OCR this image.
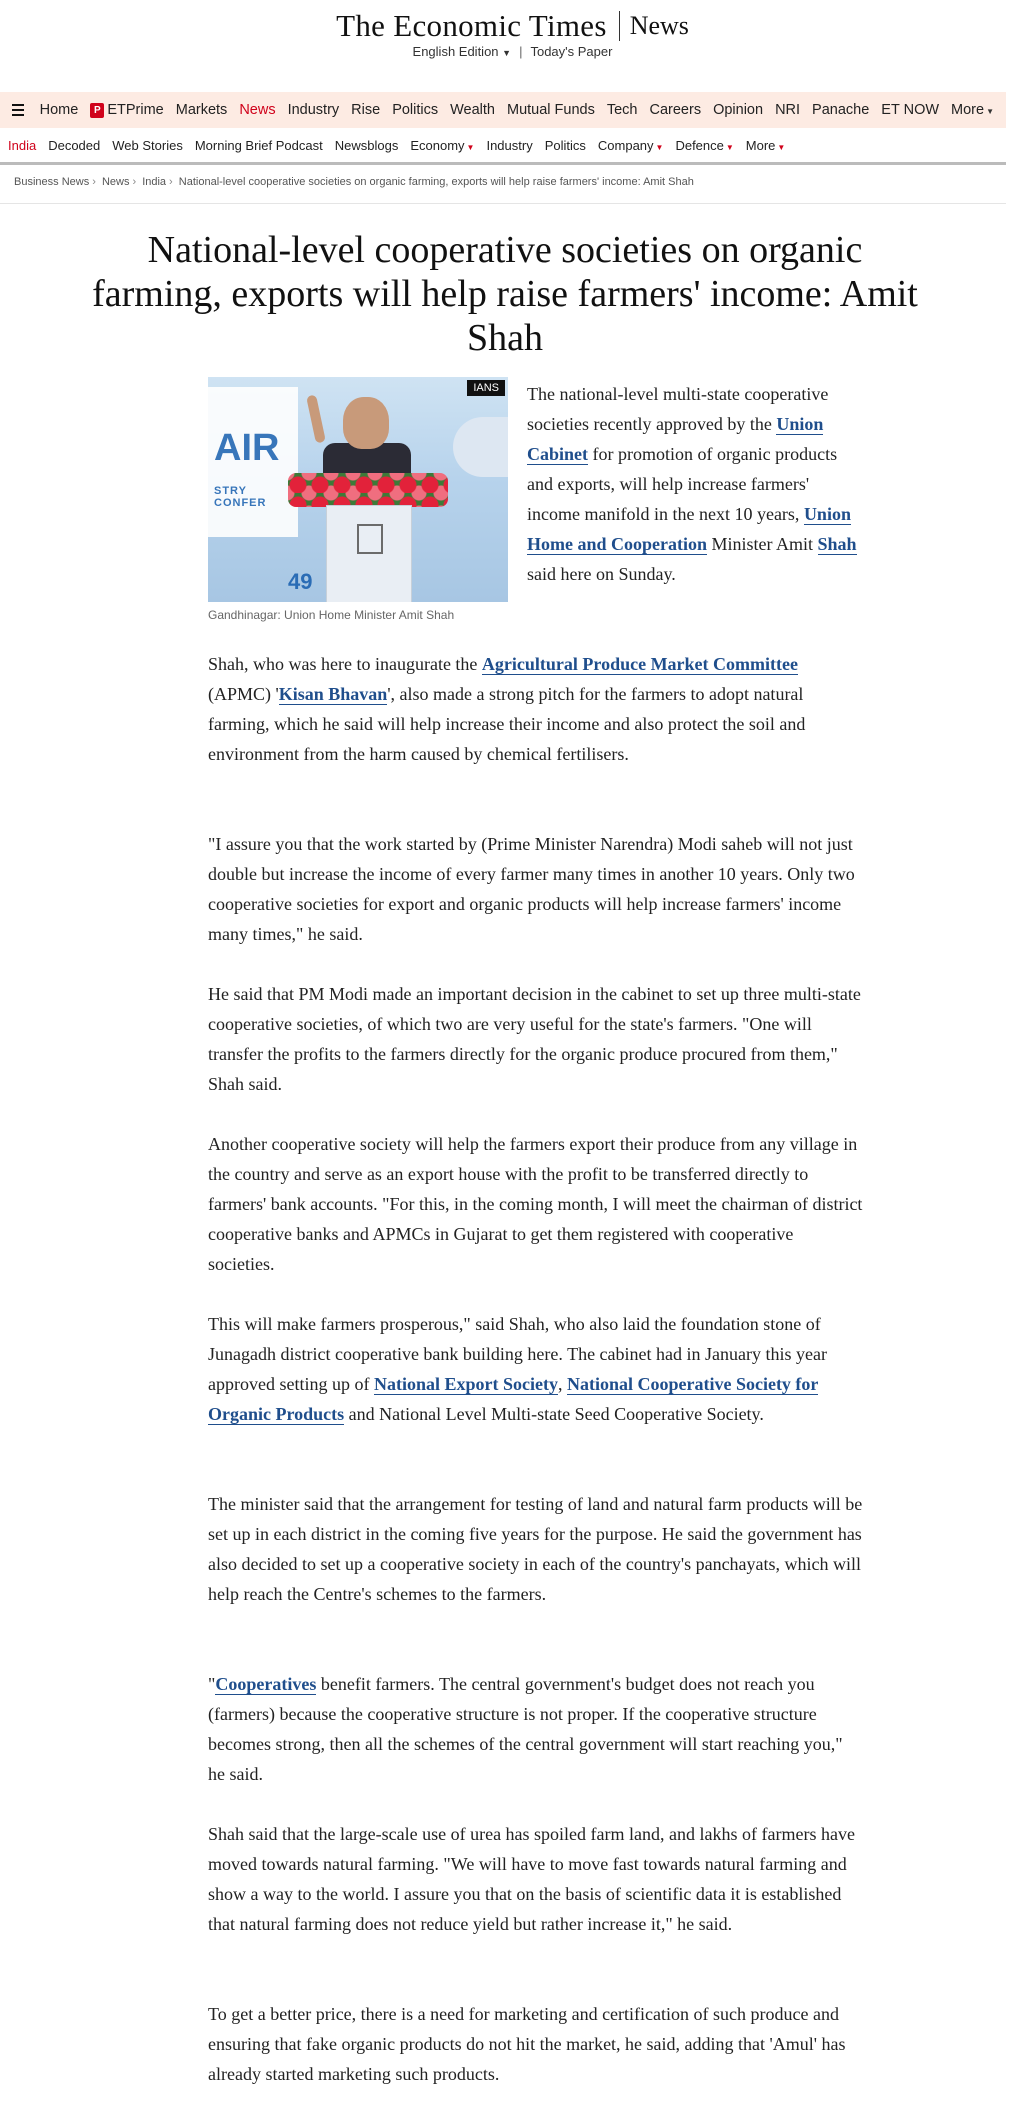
The Economic Times News
English Edition ▼ | Today's Paper
Home	P ETPrime Markets News Industry Rise Politics Wealth Mutual Funds Tech Careers Opinion NRI Panache ET NOW More ▼
India Decoded Web Stories Morning Brief Podcast Newsblogs Economy ▼ Industry Politics Company ▼ Defence ▼ More ▼
Business News › News › India › National-level cooperative societies on organic farming, exports will help raise farmers' income: Amit Shah
National-level cooperative societies on organic farming, exports will help raise farmers' income: Amit Shah
AIR
STRY CONFER
49
IANS
Gandhinagar: Union Home Minister Amit Shah

The national-level multi-state cooperative societies recently approved by the Union Cabinet for promotion of organic products and exports, will help increase farmers' income manifold in the next 10 years, Union Home and Cooperation Minister Amit Shah said here on Sunday.

Shah, who was here to inaugurate the Agricultural Produce Market Committee (APMC) 'Kisan Bhavan', also made a strong pitch for the farmers to adopt natural farming, which he said will help increase their income and also protect the soil and environment from the harm caused by chemical fertilisers.

"I assure you that the work started by (Prime Minister Narendra) Modi saheb will not just double but increase the income of every farmer many times in another 10 years. Only two cooperative societies for export and organic products will help increase farmers' income many times," he said.

He said that PM Modi made an important decision in the cabinet to set up three multi-state cooperative societies, of which two are very useful for the state's farmers. "One will transfer the profits to the farmers directly for the organic produce procured from them," Shah said.

Another cooperative society will help the farmers export their produce from any village in the country and serve as an export house with the profit to be transferred directly to farmers' bank accounts. "For this, in the coming month, I will meet the chairman of district cooperative banks and APMCs in Gujarat to get them registered with cooperative societies.

This will make farmers prosperous," said Shah, who also laid the foundation stone of Junagadh district cooperative bank building here. The cabinet had in January this year approved setting up of National Export Society, National Cooperative Society for Organic Products and National Level Multi-state Seed Cooperative Society.

The minister said that the arrangement for testing of land and natural farm products will be set up in each district in the coming five years for the purpose. He said the government has also decided to set up a cooperative society in each of the country's panchayats, which will help reach the Centre's schemes to the farmers.

"Cooperatives benefit farmers. The central government's budget does not reach you (farmers) because the cooperative structure is not proper. If the cooperative structure becomes strong, then all the schemes of the central government will start reaching you," he said.

Shah said that the large-scale use of urea has spoiled farm land, and lakhs of farmers have moved towards natural farming. "We will have to move fast towards natural farming and show a way to the world. I assure you that on the basis of scientific data it is established that natural farming does not reduce yield but rather increase it," he said.

To get a better price, there is a need for marketing and certification of such produce and ensuring that fake organic products do not hit the market, he said, adding that 'Amul' has already started marketing such products.
